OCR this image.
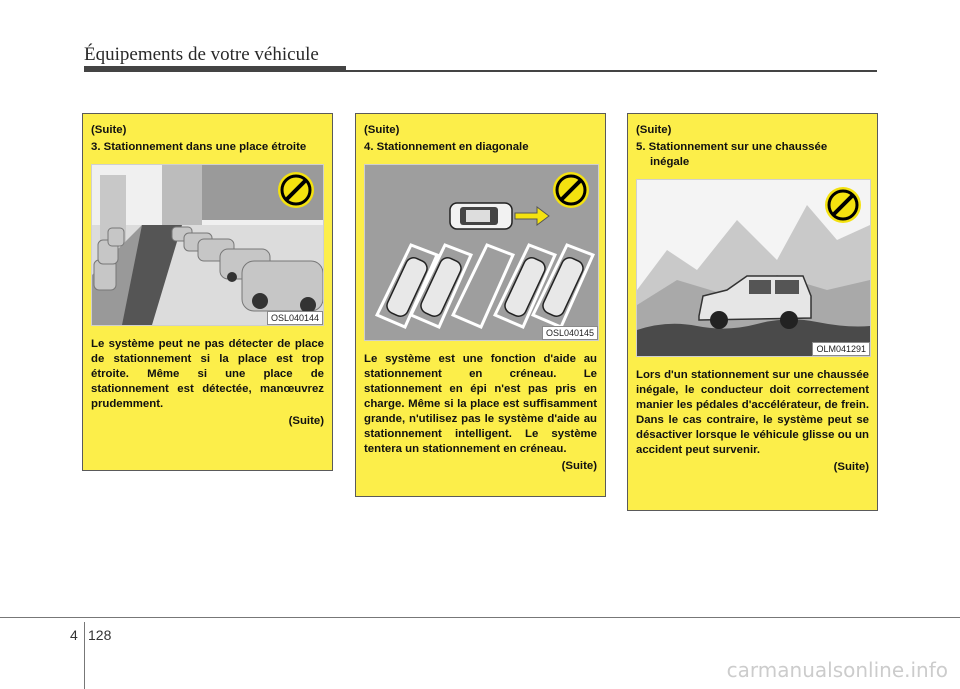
Équipements de votre véhicule

(Suite)

3. Stationnement dans une place étroite

OSL040144

Le système peut ne pas détecter de place de stationnement si la place est trop étroite. Même si une place de stationnement est détectée, manœuvrez prudemment.

(Suite)

(Suite)

4. Stationnement en diagonale

OSL040145

Le système est une fonction d'aide au stationnement en créneau. Le stationnement en épi n'est pas pris en charge. Même si la place est suffisamment grande, n'utilisez pas le système d'aide au stationnement intelligent. Le système tentera un stationnement en créneau.

(Suite)

(Suite)

5. Stationnement sur une chaussée inégale

OLM041291

Lors d'un stationnement sur une chaussée inégale, le conducteur doit correctement manier les pédales d'accélérateur, de frein. Dans le cas contraire, le système peut se désactiver lorsque le véhicule glisse ou un accident peut survenir.

(Suite)

4 128
carmanualsonline.info
